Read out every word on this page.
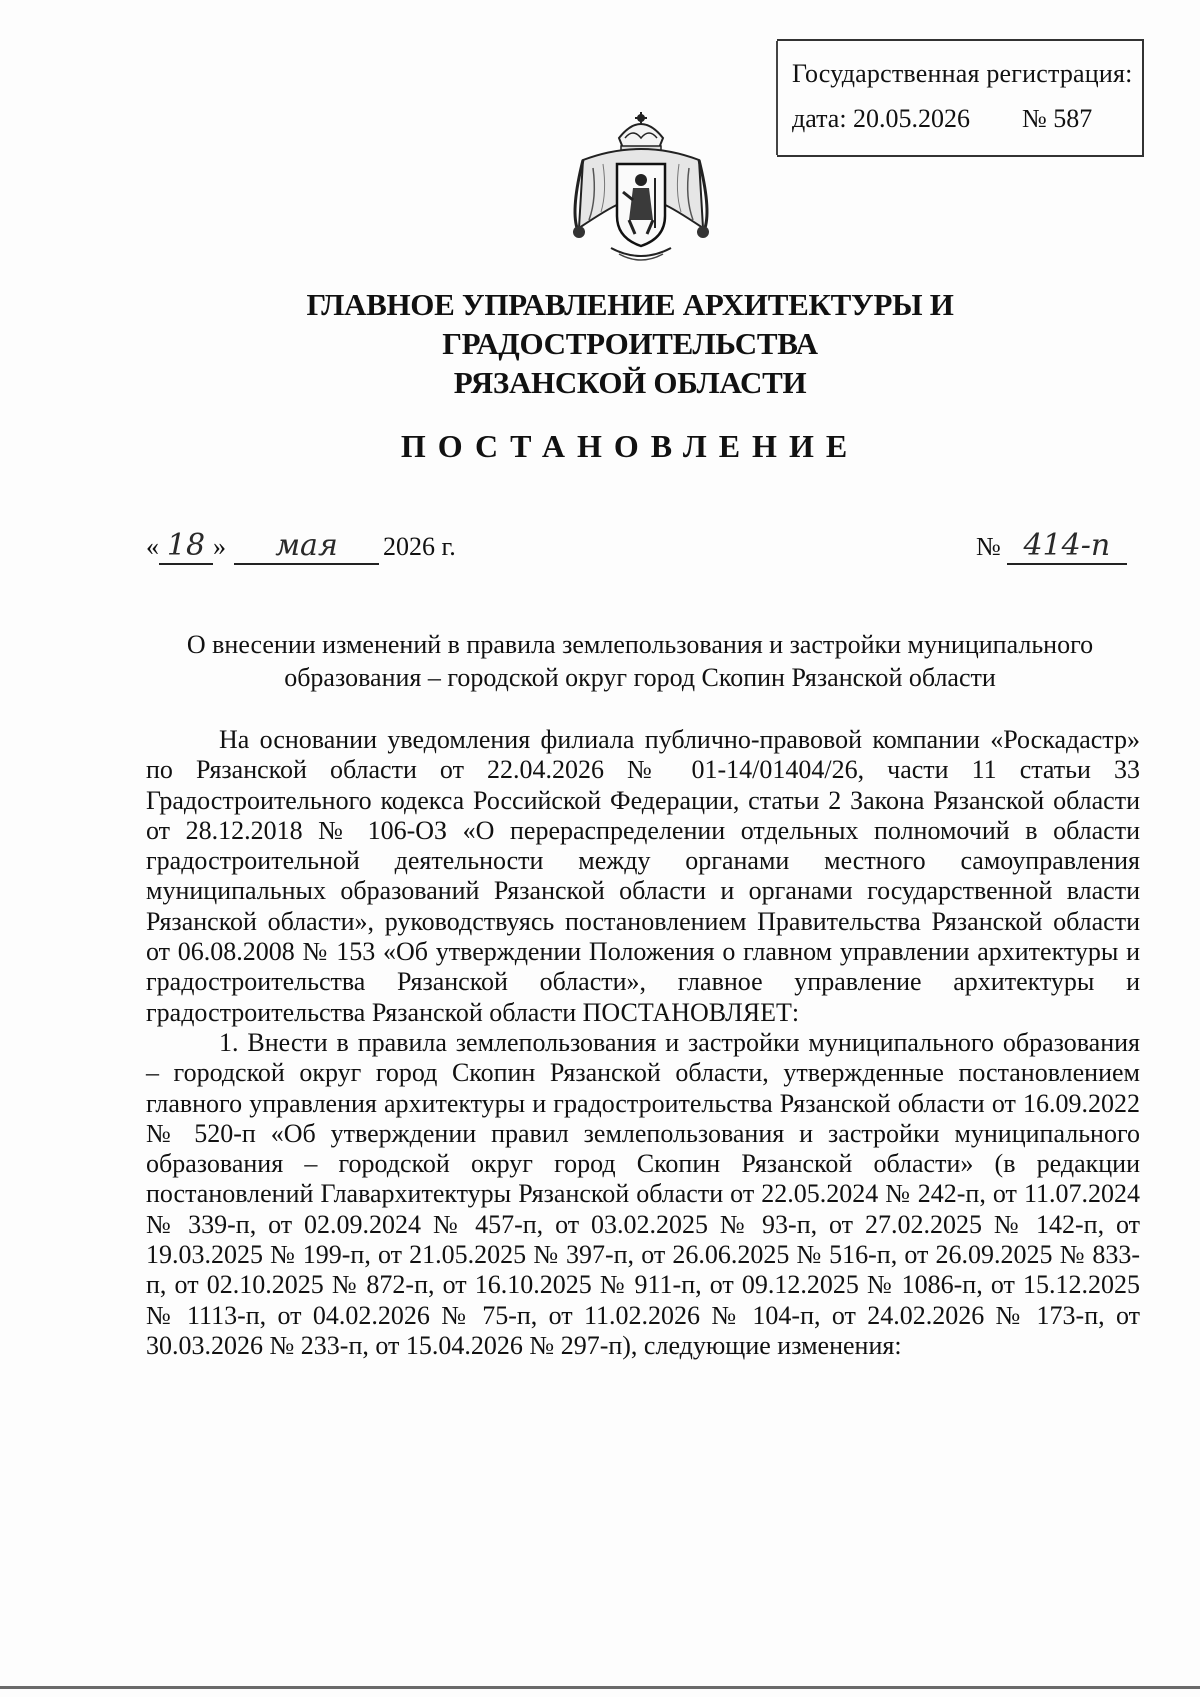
Государственная регистрация:
дата: 20.05.2026 № 587
ГЛАВНОЕ УПРАВЛЕНИЕ АРХИТЕКТУРЫ И ГРАДОСТРОИТЕЛЬСТВА
РЯЗАНСКОЙ ОБЛАСТИ
ПОСТАНОВЛЕНИЕ
« 18 » мая 2026 г.	№ 414-п
О внесении изменений в правила землепользования и застройки муниципального
образования – городской округ город Скопин Рязанской области

На основании уведомления филиала публично-правовой компании «Роскадастр» по Рязанской области от 22.04.2026 № 01-14/01404/26, части 11 статьи 33 Градостроительного кодекса Российской Федерации, статьи 2 Закона Рязанской области от 28.12.2018 № 106-ОЗ «О перераспределении отдельных полномочий в области градостроительной деятельности между органами местного самоуправления муниципальных образований Рязанской области и органами государственной власти Рязанской области», руководствуясь постановлением Правительства Рязанской области от 06.08.2008 № 153 «Об утверждении Положения о главном управлении архитектуры и градостроительства Рязанской области», главное управление архитектуры и градостроительства Рязанской области ПОСТАНОВЛЯЕТ:

1. Внести в правила землепользования и застройки муниципального образования – городской округ город Скопин Рязанской области, утвержденные постановлением главного управления архитектуры и градостроительства Рязанской области от 16.09.2022 № 520-п «Об утверждении правил землепользования и застройки муниципального образования – городской округ город Скопин Рязанской области» (в редакции постановлений Главархитектуры Рязанской области от 22.05.2024 № 242-п, от 11.07.2024 № 339-п, от 02.09.2024 № 457-п, от 03.02.2025 № 93-п, от 27.02.2025 № 142-п, от 19.03.2025 № 199-п, от 21.05.2025 № 397-п, от 26.06.2025 № 516-п, от 26.09.2025 № 833-п, от 02.10.2025 № 872-п, от 16.10.2025 № 911-п, от 09.12.2025 № 1086-п, от 15.12.2025 № 1113-п, от 04.02.2026 № 75-п, от 11.02.2026 № 104-п, от 24.02.2026 № 173-п, от 30.03.2026 № 233-п, от 15.04.2026 № 297-п), следующие изменения:
